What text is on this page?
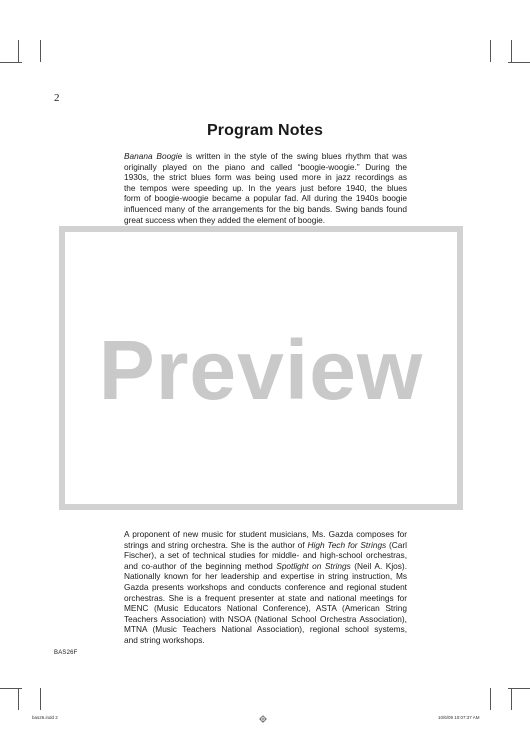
2
Program Notes
Banana Boogie is written in the style of the swing blues rhythm that was
originally played on the piano and called “boogie-woogie.” During the
1930s, the strict blues form was being used more in jazz recordings as
the tempos were speeding up. In the years just before 1940, the blues
form of boogie-woogie became a popular fad. All during the 1940s boogie
influenced many of the arrangements for the big bands. Swing bands found
great success when they added the element of boogie.
Preview
A proponent of new music for student musicians, Ms. Gazda composes for
strings and string orchestra. She is the author of High Tech for Strings (Carl
Fischer), a set of technical studies for middle- and high-school orchestras,
and co-author of the beginning method Spotlight on Strings (Neil A. Kjos).
Nationally known for her leadership and expertise in string instruction, Ms
Gazda presents workshops and conducts conference and regional student
orchestras. She is a frequent presenter at state and national meetings for
MENC (Music Educators National Conference), ASTA (American String
Teachers Association) with NSOA (National School Orchestra Association),
MTNA (Music Teachers National Association), regional school systems,
and string workshops.
BAS26F
bas26.indd 2	10/6/09 10:07:37 AM
